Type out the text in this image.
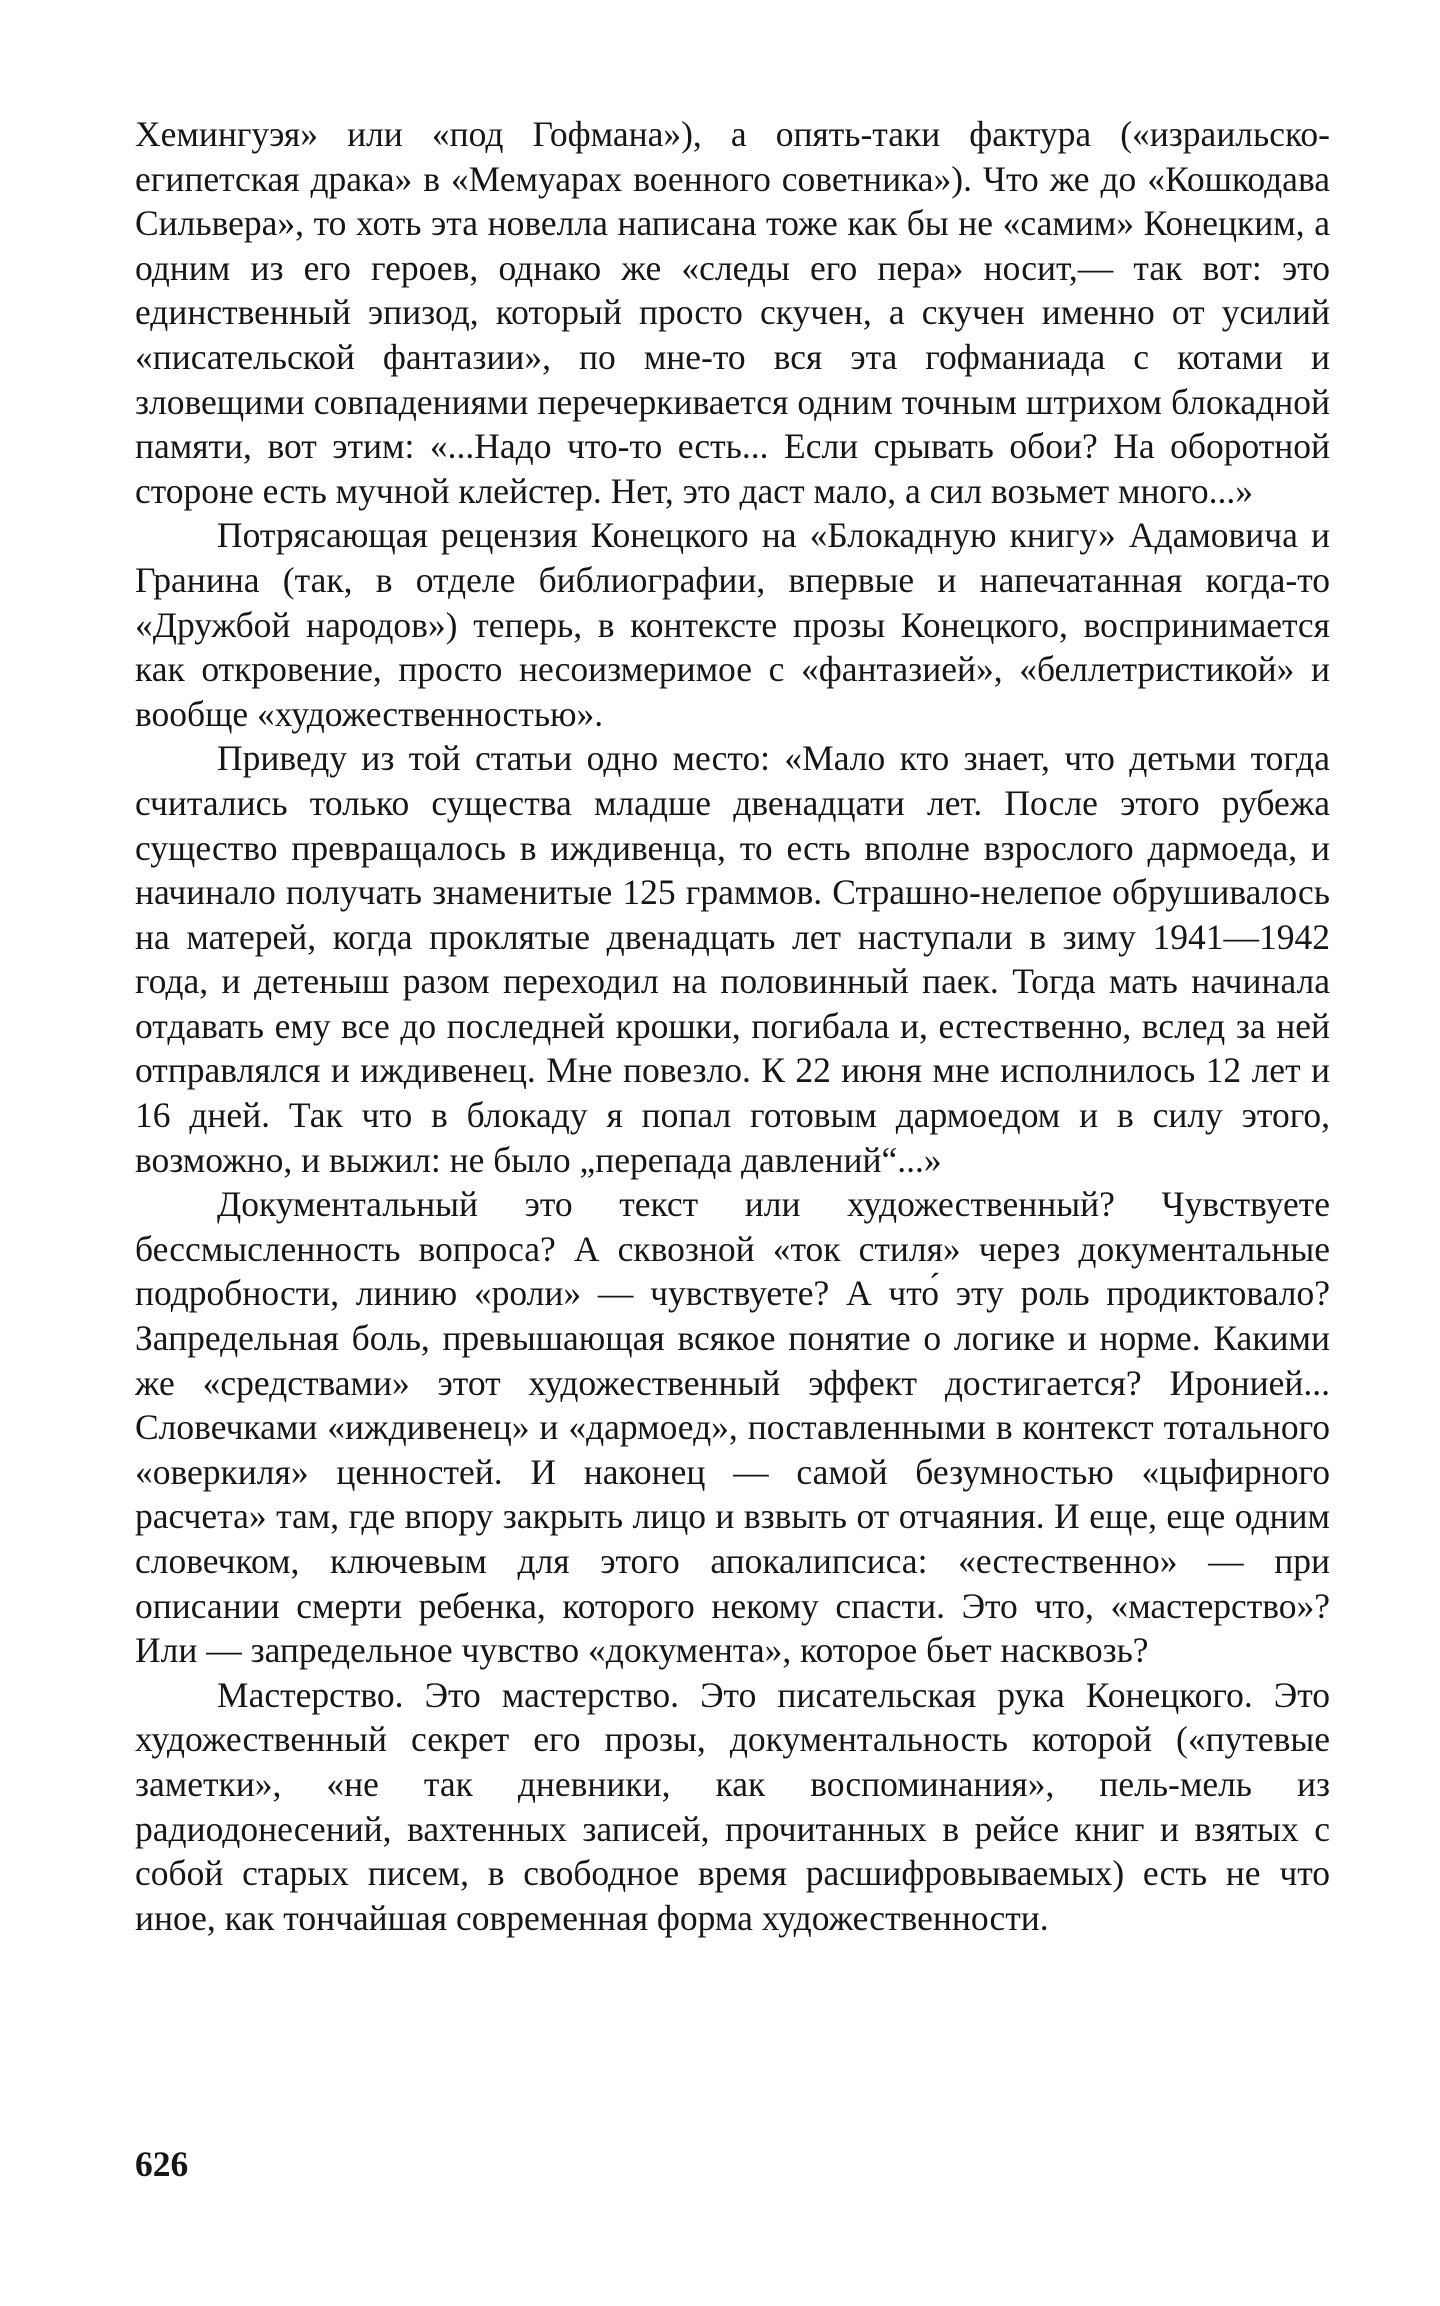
Хемингуэя» или «под Гофмана»), а опять-таки фактура («израильско-египетская драка» в «Мемуарах военного советника»). Что же до «Кошкодава Сильвера», то хоть эта новелла написана тоже как бы не «самим» Конецким, а одним из его героев, однако же «следы его пера» носит,— так вот: это единственный эпизод, который просто скучен, а скучен именно от усилий «писательской фантазии», по мне-то вся эта гофманиада с котами и зловещими совпадениями перечеркивается одним точным штрихом блокадной памяти, вот этим: «...Надо что-то есть... Если срывать обои? На оборотной стороне есть мучной клейстер. Нет, это даст мало, а сил возьмет много...»

Потрясающая рецензия Конецкого на «Блокадную книгу» Адамовича и Гранина (так, в отделе библиографии, впервые и напечатанная когда-то «Дружбой народов») теперь, в контексте прозы Конецкого, воспринимается как откровение, просто несоизмеримое с «фантазией», «беллетристикой» и вообще «художественностью».

Приведу из той статьи одно место: «Мало кто знает, что детьми тогда считались только существа младше двенадцати лет. После этого рубежа существо превращалось в иждивенца, то есть вполне взрослого дармоеда, и начинало получать знаменитые 125 граммов. Страшно-нелепое обрушивалось на матерей, когда проклятые двенадцать лет наступали в зиму 1941—1942 года, и детеныш разом переходил на половинный паек. Тогда мать начинала отдавать ему все до последней крошки, погибала и, естественно, вслед за ней отправлялся и иждивенец. Мне повезло. К 22 июня мне исполнилось 12 лет и 16 дней. Так что в блокаду я попал готовым дармоедом и в силу этого, возможно, и выжил: не было „перепада давлений“...»

Документальный это текст или художественный? Чувствуете бессмысленность вопроса? А сквозной «ток стиля» через документальные подробности, линию «роли» — чувствуете? А что́ эту роль продиктовало? Запредельная боль, превышающая всякое понятие о логике и норме. Какими же «средствами» этот художественный эффект достигается? Иронией... Словечками «иждивенец» и «дармоед», поставленными в контекст тотального «оверкиля» ценностей. И наконец — самой безумностью «цыфирного расчета» там, где впору закрыть лицо и взвыть от отчаяния. И еще, еще одним словечком, ключевым для этого апокалипсиса: «естественно» — при описании смерти ребенка, которого некому спасти. Это что, «мастерство»? Или — запредельное чувство «документа», которое бьет насквозь?

Мастерство. Это мастерство. Это писательская рука Конецкого. Это художественный секрет его прозы, документальность которой («путевые заметки», «не так дневники, как воспоминания», пель-мель из радиодонесений, вахтенных записей, прочитанных в рейсе книг и взятых с собой старых писем, в свободное время расшифровываемых) есть не что иное, как тончайшая современная форма художественности.

626
